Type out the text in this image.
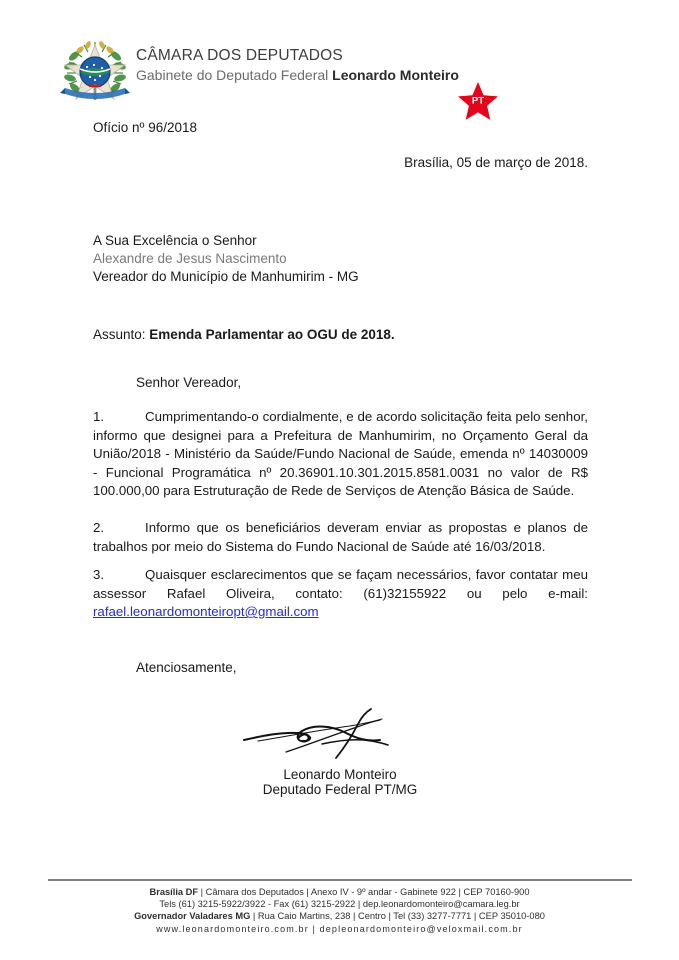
CÂMARA DOS DEPUTADOS
Gabinete do Deputado Federal Leonardo Monteiro
PT
Ofício nº 96/2018
Brasília, 05 de março de 2018.
A Sua Excelência o Senhor
Alexandre de Jesus Nascimento
Vereador do Município de Manhumirim - MG
Assunto: Emenda Parlamentar ao OGU de 2018.
Senhor Vereador,
1.	Cumprimentando-o cordialmente, e de acordo solicitação feita pelo senhor, informo que designei para a Prefeitura de Manhumirim, no Orçamento Geral da União/2018 - Ministério da Saúde/Fundo Nacional de Saúde, emenda nº 14030009 - Funcional Programática nº 20.36901.10.301.2015.8581.0031 no valor de R$ 100.000,00 para Estruturação de Rede de Serviços de Atenção Básica de Saúde.
2.	Informo que os beneficiários deveram enviar as propostas e planos de trabalhos por meio do Sistema do Fundo Nacional de Saúde até 16/03/2018.
3.	Quaisquer esclarecimentos que se façam necessários, favor contatar meu assessor Rafael Oliveira, contato: (61)32155922 ou pelo e-mail: rafael.leonardomonteiropt@gmail.com
Atenciosamente,
Leonardo Monteiro
Deputado Federal PT/MG
Brasília DF | Câmara dos Deputados | Anexo IV - 9º andar - Gabinete 922 | CEP 70160-900
Tels (61) 3215-5922/3922 - Fax (61) 3215-2922 | dep.leonardomonteiro@camara.leg.br
Governador Valadares MG | Rua Caio Martins, 238 | Centro | Tel (33) 3277-7771 | CEP 35010-080
www.leonardomonteiro.com.br | depleonardomonteiro@veloxmail.com.br
